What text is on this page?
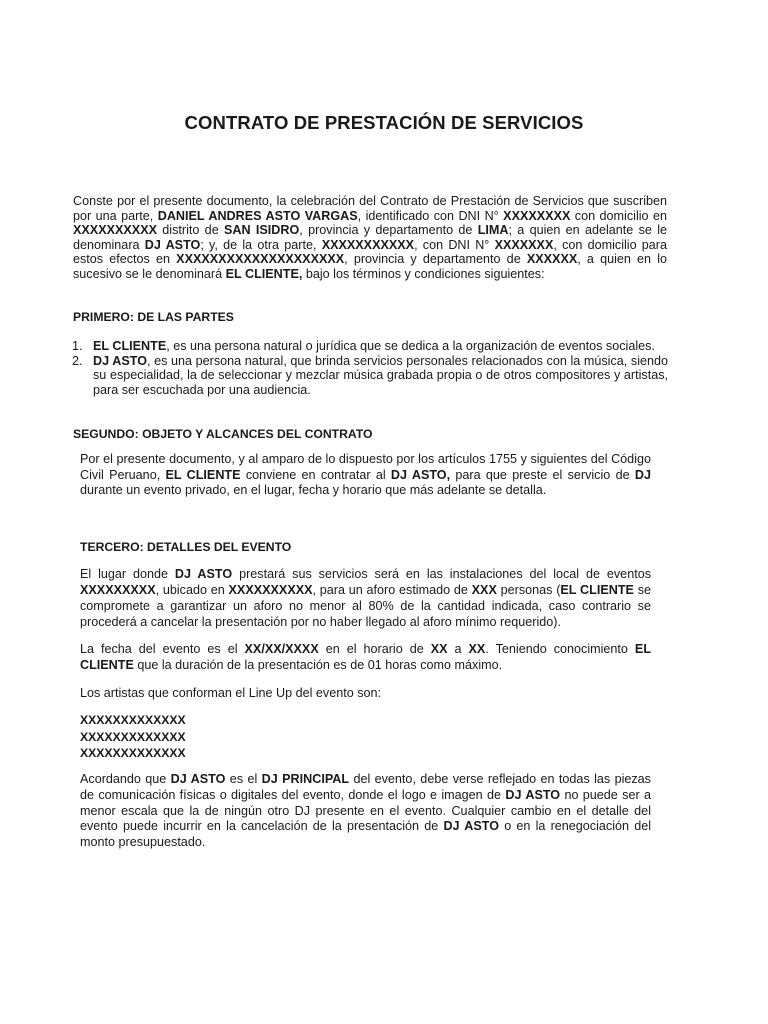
CONTRATO DE PRESTACIÓN DE SERVICIOS
Conste por el presente documento, la celebración del Contrato de Prestación de Servicios que suscriben por una parte, DANIEL ANDRES ASTO VARGAS, identificado con DNI N° XXXXXXXX con domicilio en XXXXXXXXXX distrito de SAN ISIDRO, provincia y departamento de LIMA; a quien en adelante se le denominara DJ ASTO; y, de la otra parte, XXXXXXXXXXX, con DNI N° XXXXXXX, con domicilio para estos efectos en XXXXXXXXXXXXXXXXXXXX, provincia y departamento de XXXXXX, a quien en lo sucesivo se le denominará EL CLIENTE, bajo los términos y condiciones siguientes:
PRIMERO: DE LAS PARTES
1. EL CLIENTE, es una persona natural o jurídica que se dedica a la organización de eventos sociales.
2. DJ ASTO, es una persona natural, que brinda servicios personales relacionados con la música, siendo su especialidad, la de seleccionar y mezclar música grabada propia o de otros compositores y artistas, para ser escuchada por una audiencia.
SEGUNDO: OBJETO Y ALCANCES DEL CONTRATO
Por el presente documento, y al amparo de lo dispuesto por los artículos 1755 y siguientes del Código Civil Peruano, EL CLIENTE conviene en contratar al DJ ASTO, para que preste el servicio de DJ durante un evento privado, en el lugar, fecha y horario que más adelante se detalla.
TERCERO: DETALLES DEL EVENTO
El lugar donde DJ ASTO prestará sus servicios será en las instalaciones del local de eventos XXXXXXXXX, ubicado en XXXXXXXXXX, para un aforo estimado de XXX personas (EL CLIENTE se compromete a garantizar un aforo no menor al 80% de la cantidad indicada, caso contrario se procederá a cancelar la presentación por no haber llegado al aforo mínimo requerido).
La fecha del evento es el XX/XX/XXXX en el horario de XX a XX. Teniendo conocimiento EL CLIENTE que la duración de la presentación es de 01 horas como máximo.
Los artistas que conforman el Line Up del evento son:
XXXXXXXXXXXXX
XXXXXXXXXXXXX
XXXXXXXXXXXXX
Acordando que DJ ASTO es el DJ PRINCIPAL del evento, debe verse reflejado en todas las piezas de comunicación físicas o digitales del evento, donde el logo e imagen de DJ ASTO no puede ser a menor escala que la de ningún otro DJ presente en el evento. Cualquier cambio en el detalle del evento puede incurrir en la cancelación de la presentación de DJ ASTO o en la renegociación del monto presupuestado.
